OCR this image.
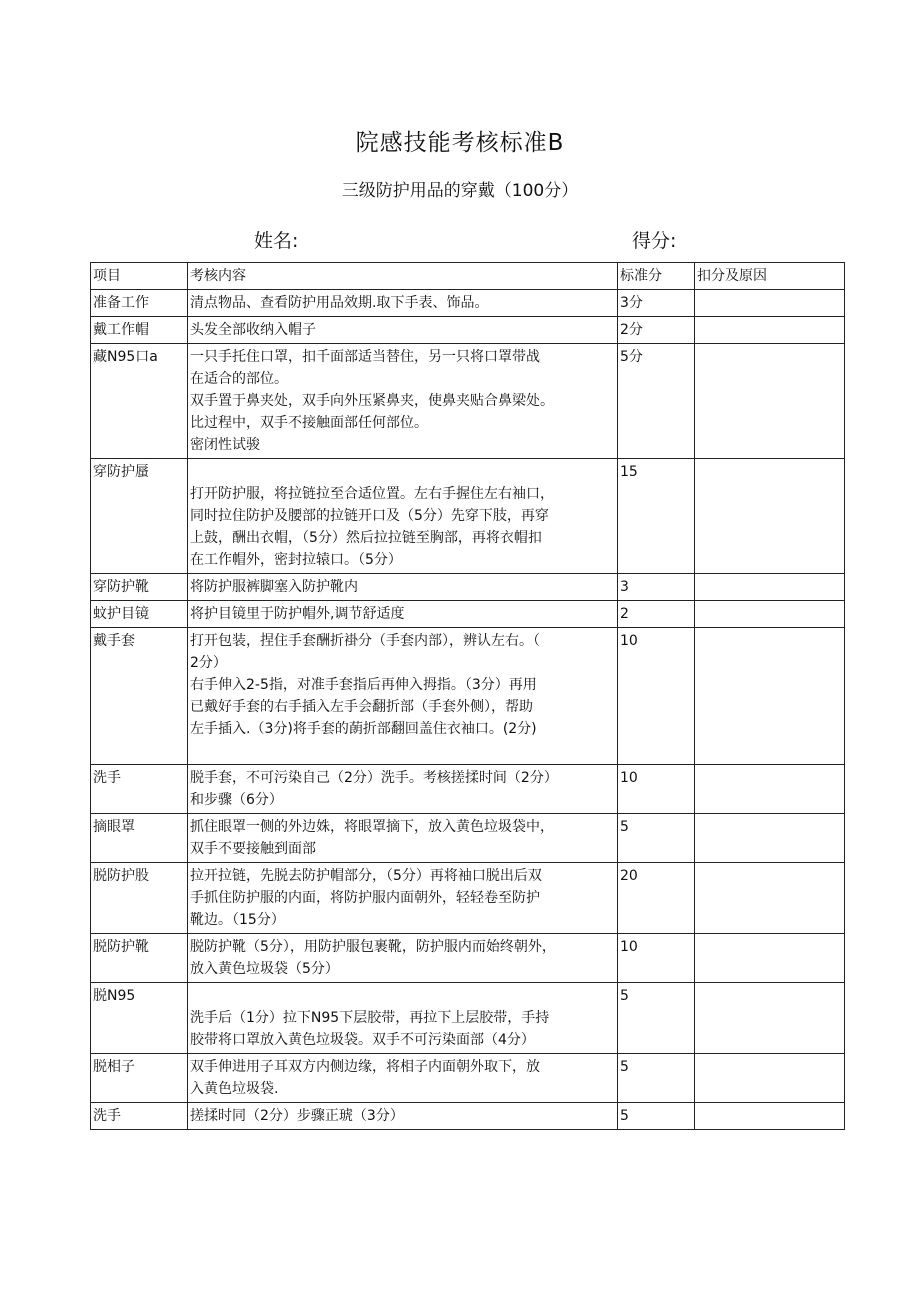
院感技能考核标准B
三级防护用品的穿戴（100分）
姓名:	得分:
项目	考核内容	标准分	扣分及原因
准备工作	清点物品、查看防护用品效期.取下手表、饰品。	3分	
戴工作帽	头发全部收纳入帽子	2分	
藏N95口a	一只手托住口罩，扣千面部适当替住，另一只将口罩带战
在适合的部位。
双手置于鼻夹处，双手向外压紧鼻夹，使鼻夹贴合鼻梁处。
比过程中，双手不接触面部任何部位。
密闭性试骏	5分	
穿防护蜃	打开防护服，将拉链拉至合适位置。左右手握住左右袖口，
同时拉住防护及腰部的拉链开口及（5分）先穿下肢，再穿
上鼓，酬出衣帽，（5分）然后拉拉链至胸部，再将衣帽扣
在工作帽外，密封拉辕口。（5分）	15	
穿防护靴	将防护服裤脚塞入防护靴内	3	
蚊护目镜	将护目镜里于防护帽外,调节舒适度	2	
戴手套	打开包装，捏住手套酬折褂分（手套内部），辨认左右。（
2分）
右手伸入2-5指，对准手套指后再伸入拇指。（3分）再用
已戴好手套的右手插入左手会翻折部（手套外侧），帮助
左手插入.（3分)将手套的蓢折部翻回盖住衣袖口。(2分)	10	
洗手	脱手套，不可污染自己（2分）洗手。考核搓揉时间（2分）
和步骤（6分）	10	
摘眼罩	抓住眼罩一侧的外边姝，将眼罩摘下，放入黄色垃圾袋中，
双手不要接触到面部	5	
脱防护股	拉开拉链，先脱去防护帽部分，（5分）再将袖口脱出后双
手抓住防护服的内面，将防护服内面朝外，轻轻卷至防护
靴边。（15分）	20	
脱防护靴	脱防护靴（5分），用防护服包裹靴，防护服内而始终朝外，
放入黄色垃圾袋（5分）	10	
脱N95	洗手后（1分）拉下N95下层胶带，再拉下上层胶带，手持
胶带将口罩放入黄色垃圾袋。双手不可污染面部（4分）	5	
脱相子	双手伸进用子耳双方内侧边缘，将相子内面朝外取下，放
入黄色垃圾袋.	5	
洗手	搓揉时同（2分）步骤正琥（3分）	5	
